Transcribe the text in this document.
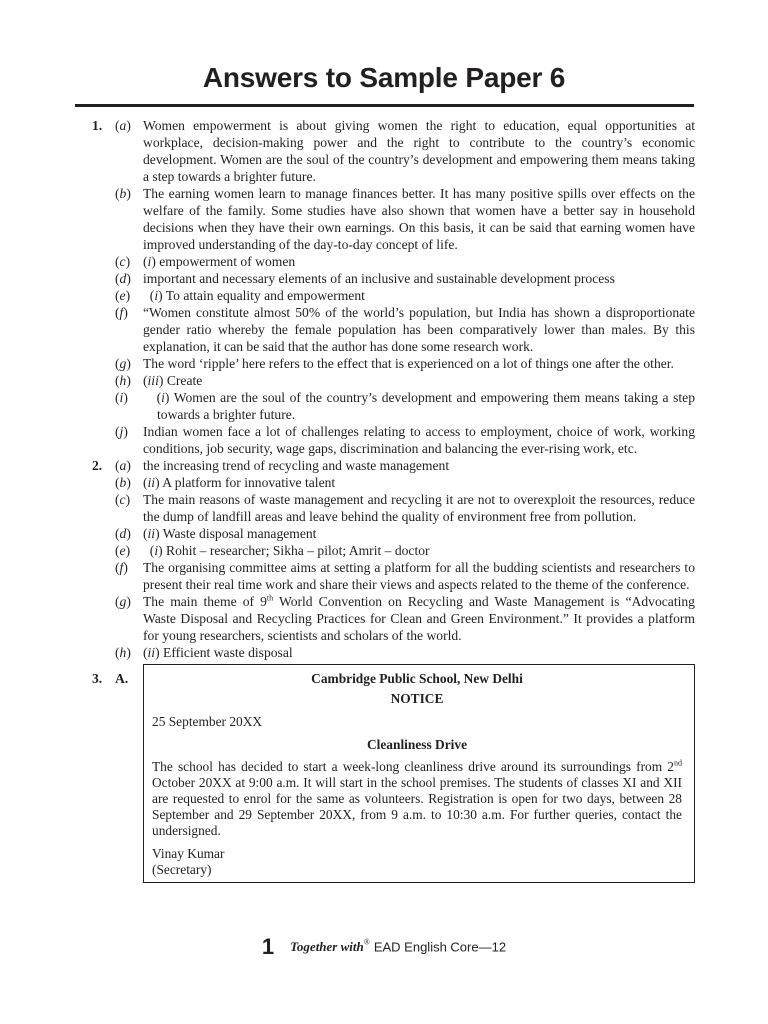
Answers to Sample Paper 6
1. (a) Women empowerment is about giving women the right to education, equal opportunities at workplace, decision-making power and the right to contribute to the country’s economic development. Women are the soul of the country’s development and empowering them means taking a step towards a brighter future.
(b) The earning women learn to manage finances better. It has many positive spills over effects on the welfare of the family. Some studies have also shown that women have a better say in household decisions when they have their own earnings. On this basis, it can be said that earning women have improved understanding of the day-to-day concept of life.
(c) (i) empowerment of women
(d) important and necessary elements of an inclusive and sustainable development process
(e)	(i) To attain equality and empowerment
(f)	“Women constitute almost 50% of the world’s population, but India has shown a disproportionate gender ratio whereby the female population has been comparatively lower than males. By this explanation, it can be said that the author has done some research work.
(g) The word ‘ripple’ here refers to the effect that is experienced on a lot of things one after the other.
(h) (iii) Create
(i)	(i) Women are the soul of the country’s development and empowering them means taking a step towards a brighter future.
(j)	Indian women face a lot of challenges relating to access to employment, choice of work, working conditions, job security, wage gaps, discrimination and balancing the ever-rising work, etc.
2. (a) the increasing trend of recycling and waste management
(b) (ii) A platform for innovative talent
(c) The main reasons of waste management and recycling it are not to overexploit the resources, reduce the dump of landfill areas and leave behind the quality of environment free from pollution.
(d) (ii) Waste disposal management
(e)	(i) Rohit – researcher; Sikha – pilot; Amrit – doctor
(f)	The organising committee aims at setting a platform for all the budding scientists and researchers to present their real time work and share their views and aspects related to the theme of the conference.
(g) The main theme of 9th World Convention on Recycling and Waste Management is “Advocating Waste Disposal and Recycling Practices for Clean and Green Environment.” It provides a platform for young researchers, scientists and scholars of the world.
(h) (ii) Efficient waste disposal
3. A.	Cambridge Public School, New Delhi
NOTICE
25 September 20XX
Cleanliness Drive
The school has decided to start a week-long cleanliness drive around its surroundings from 2nd October 20XX at 9:00 a.m. It will start in the school premises. The students of classes XI and XII are requested to enrol for the same as volunteers. Registration is open for two days, between 28 September and 29 September 20XX, from 9 a.m. to 10:30 a.m. For further queries, contact the undersigned.
Vinay Kumar
(Secretary)
1 Together with® EAD English Core—12
